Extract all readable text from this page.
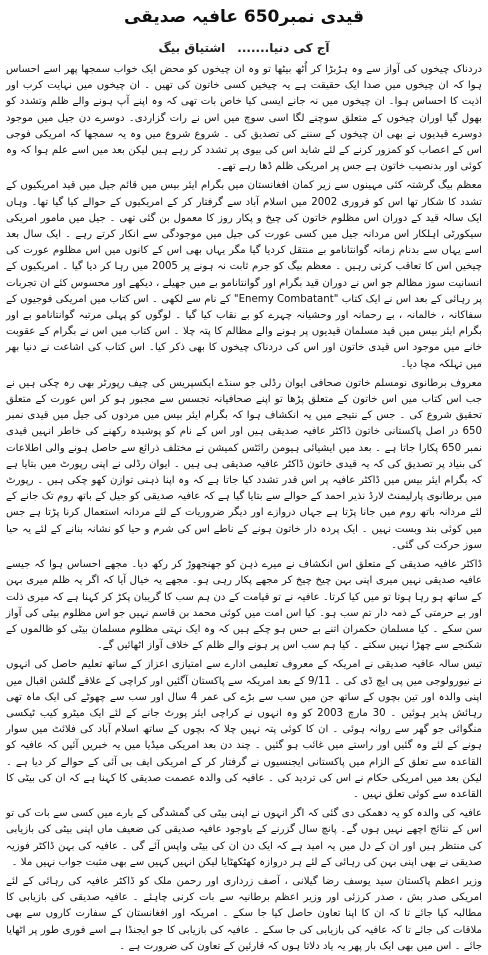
قیدی نمبر650 عافیہ صدیقی
آج کی دنیا.......اشتیاق بیگ

دردناک چیخوں کی آواز سے وہ ہڑبڑا کر اُٹھ بیٹھا تو وہ ان چیخوں کو محض ایک خواب سمجھا پھر اسے احساس ہوا کہ ان چیخوں میں صدا ایک حقیقت ہے یہ چیخیں کسی خاتون کی تھیں ۔ ان چیخوں میں نہایت کرب اور اذیت کا احساس ہوا۔ ان چیخوں میں نہ جانے ایسی کیا خاص بات تھی کہ وہ اپنے آپ ہونے والے ظلم وتشدد کو بھول گیا اوران چیخوں کے متعلق سوچنے لگا اسی سوچ میں اس نے رات گزاردی۔ دوسرے دن جیل میں موجود دوسرے قیدیوں نے بھی ان چیخوں کے سننے کی تصدیق کی ۔ شروع شروع میں وہ یہ سمجھا کہ امریکی فوجی اس کے اعصاب کو کمزور کرنے کے لئے شاید اس کی بیوی پر تشدد کر رہے ہیں لیکن بعد میں اسے علم ہوا کہ وہ کوئی اور بدنصیب خاتون ہے جس پر امریکی ظلم ڈھا رہے تھے۔

معظم بیگ گرشتہ کئی مہینوں سے زیر کمان افغانستان میں بگرام ایئر بیس میں قائم جیل میں قید امریکیوں کے تشدد کا شکار تھا اس کو فروری 2002 میں اسلام آباد سے گرفتار کر کے امریکیوں کے حوالے کیا گیا تھا۔ وہاں ایک سالہ قید کے دوران اس مظلوم خاتون کی چیخ و پکار روز کا معمول بن گئی تھی ۔ جیل میں مامور امریکی سیکورٹی اہلکار اس مردانہ جیل میں کسی عورت کی جیل میں موجودگی سے انکار کرتے رہے ۔ ایک سال بعد اسے یہاں سے بدنام زمانہ گوانتانامو بے منتقل کردیا گیا مگر یہاں بھی اس کے کانوں میں اس مظلوم عورت کی چیخیں اس کا تعاقب کرتی رہیں ۔ معظم بیگ کو جرم ثابت نہ ہونے پر 2005 میں رہا کر دیا گیا ۔ امریکیوں کے انسانیت سوز مظالم جو اس نے دوران قید بگرام اور گوانتانامو بے میں جھیلے ، دیکھے اور محسوس کئے ان تجربات پر رہائی کے بعد اس نے ایک کتاب "Enemy Combatant" کے نام سے لکھی ۔ اس کتاب میں امریکی فوجیوں کے سفاکانہ ، خالمانہ ، بے رحمانہ اور وحشیانہ چہرے کو بے نقاب کیا گیا ۔ لوگوں کو پہلی مرتبہ گوانتانامو بے اور بگرام ایئر بیس میں قید مسلمان قیدیوں پر ہونے والے مظالم کا پتہ چلا ۔ اس کتاب میں اس نے بگرام کے عقوبت خانے میں موجود اس قیدی خاتون اور اس کی دردناک چیخوں کا بھی ذکر کیا۔ اس کتاب کی اشاعت نے دنیا بھر میں تہلکہ مچا دیا۔

معروف برطانوی نومسلم خاتون صحافی ایوان رڈلی جو سنڈے ایکسپریس کی چیف رپورٹر بھی رہ چکی ہیں نے جب اس کتاب میں اس خاتون کے متعلق پڑھا تو اپنے صحافیانہ تجسس سے مجبور ہو کر اس عورت کے متعلق تحقیق شروع کی ۔ جس کے نتیجے میں یہ انکشاف ہوا کہ بگرام ایئر بیس میں مردوں کی جیل میں قیدی نمبر 650 در اصل پاکستانی خاتون ڈاکٹر عافیہ صدیقی ہیں اور اس کے نام کو پوشیدہ رکھنے کی خاطر انہیں قیدی نمبر 650 پکارا جاتا ہے ۔ بعد میں ایشیائی ہیومن رائٹس کمیشن نے مختلف ذرائع سے حاصل ہونے والی اطلاعات کی بنیاد پر تصدیق کی کہ یہ قیدی خاتون ڈاکٹر عافیہ صدیقی ہی ہیں ۔ ایوان رڈلی نے اپنی رپورٹ میں بتایا ہے کہ بگرام ایئر بیس میں ڈاکٹر عافیہ پر اس قدر تشدد کیا جاتا ہے کہ وہ اپنا ذہنی توازن کھو چکی ہیں ۔ رپورٹ میں برطانوی پارلیمنٹ لارڈ نذیر احمد کے حوالے سے بتایا گیا ہے کہ عافیہ صدیقی کو جیل کے باتھ روم تک جانے کے لئے مردانہ باتھ روم میں جانا پڑتا ہے جہاں دروازے اور دیگر ضروریات کے لئے مردانہ استعمال کرنا پڑتا ہے جس میں کوئی بند وبست نہیں ۔ ایک پردہ دار خاتون ہونے کے ناطے اس کی شرم و حیا کو نشانہ بنانے کے لئے یہ حیا سوز حرکت کی گئی۔

ڈاکٹر عافیہ صدیقی کے متعلق اس انکشاف نے میرے ذہن کو جھنجھوڑ کر رکھ دیا۔ مجھے احساس ہوا کہ جیسے عافیہ صدیقی نہیں میری اپنی بہن چیخ چیخ کر مجھے پکار رہی ہو۔ مجھے یہ خیال آیا کہ اگر یہ ظلم میری بہن کے ساتھ ہو رہا ہوتا تو میں کیا کرتا۔ عافیہ نے تو قیامت کے دن ہم سب کا گریبان پکڑ کر کہنا ہے کہ میری ذلت اور بے حرمتی کے ذمہ دار تم سب ہو۔ کیا اس امت میں کوئی محمد بن قاسم نہیں جو اس مظلوم بیٹی کی آواز سن سکے ۔ کیا مسلمان حکمران اتنے بے حس ہو چکے ہیں کہ وہ ایک نہتی مظلوم مسلمان بیٹی کو ظالموں کے شکنجے سے چھڑا نہیں سکتے ۔ کیا ہم سب اس پر ہونے والے ظلم کے خلاف آواز اٹھائیں گے۔

تیس سالہ عافیہ صدیقی نے امریکہ کے معروف تعلیمی ادارے سے امتیازی اعزاز کے ساتھ تعلیم حاصل کی انہوں نے نیورولوجی میں پی ایچ ڈی کی ۔ 9/11 کے بعد امریکہ سے پاکستان آگئیں اور کراچی کے علاقے گلشن اقبال میں اپنی والدہ اور تین بچوں کے ساتھ جن میں سب سے بڑے کی عمر 4 سال اور سب سے چھوٹے کی ایک ماہ تھی رہائش پذیر ہوئیں ۔ 30 مارچ 2003 کو وہ انہوں نے کراچی ایئر پورٹ جانے کے لئے ایک میٹرو کیب ٹیکسی منگوائی جو گھر سے روانہ ہوئی ۔ ان کا کوئی پتہ نہیں چلا کہ بچوں کے ساتھ اسلام آباد کی فلائٹ میں سوار ہونے کے لئے وہ گئیں اور راستے میں غائب ہو گئیں ۔ چند دن بعد امریکی میڈیا میں یہ خبریں آئیں کہ عافیہ کو القاعدہ سے تعلق کے الزام میں پاکستانی ایجنسیوں نے گرفتار کر کے امریکی ایف بی آئی کے حوالے کر دیا ہے ۔ لیکن بعد میں امریکی حکام نے اس کی تردید کی ۔ عافیہ کی والدہ عصمت صدیقی کا کہنا ہے کہ ان کی بیٹی کا القاعدہ سے کوئی تعلق نہیں ۔

عافیہ کی والدہ کو یہ دھمکی دی گئی کہ اگر انہوں نے اپنی بیٹی کی گمشدگی کے بارے میں کسی سے بات کی تو اس کے نتائج اچھے نہیں ہوں گے۔ پانچ سال گزرنے کے باوجود عافیہ صدیقی کی ضعیف ماں اپنی بیٹی کی بازیابی کی منتظر ہیں اور ان کے دل میں یہ امید ہے کہ ایک دن ان کی بیٹی واپس آئے گی ۔ عافیہ کی بہن ڈاکٹر فوزیہ صدیقی نے بھی اپنی بہن کی رہائی کے لئے ہر دروازہ کھٹکھٹایا لیکن انہیں کہیں سے بھی مثبت جواب نہیں ملا ۔

وزیر اعظم پاکستان سید یوسف رضا گیلانی ، آصف زرداری اور رحمن ملک کو ڈاکٹر عافیہ کی رہائی کے لئے امریکی صدر بش ، صدر کرزئی اور وزیر اعظم برطانیہ سے بات کرنی چاہئے ۔ عافیہ صدیقی کی بازیابی کا مطالبہ کیا جائے تا کہ ان کا اپنا تعاون حاصل کیا جا سکے ۔ امریکہ اور افغانستان کے سفارت کاروں سے بھی ملاقات کی جائے تا کہ عافیہ کی بازیابی کی جا سکے ۔ عافیہ کی بازیابی کا جو ایجنڈا ہے اسے فوری طور پر اٹھایا جائے ۔ اس میں بھی ایک بار پھر یہ یاد دلاتا ہوں کہ قارئین کے تعاون کی ضرورت ہے ۔
